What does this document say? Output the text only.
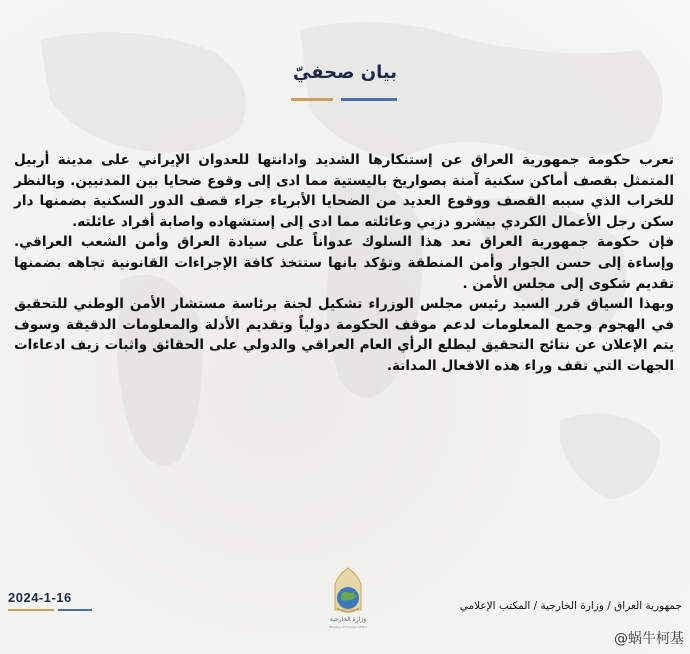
بيان صحفيّ

تعرب حكومة جمهورية العراق عن إستنكارها الشديد وادانتها للعدوان الإيراني على مدينة أربيل المتمثل بقصف أماكن سكنية آمنة بصواريخ باليستية مما ادى إلى وقوع ضحايا بين المدنيين. وبالنظر للخراب الذي سببه القصف ووقوع العديد من الضحايا الأبرياء جراء قصف الدور السكنية بضمنها دار سكن رجل الأعمال الكردي بيشرو دزيي وعائلته مما ادى إلى إستشهاده واصابة أفراد عائلته.

فإن حكومة جمهورية العراق تعد هذا السلوك عدواناً على سيادة العراق وأمن الشعب العراقي. وإساءة إلى حسن الجوار وأمن المنطقة وتؤكد بانها ستتخذ كافة الإجراءات القانونية تجاهه بضمنها تقديم شكوى إلى مجلس الأمن .

وبهذا السياق قرر السيد رئيس مجلس الوزراء تشكيل لجنة برئاسة مستشار الأمن الوطني للتحقيق في الهجوم وجمع المعلومات لدعم موقف الحكومة دولياً وتقديم الأدلة والمعلومات الدقيقة وسوف يتم الإعلان عن نتائج التحقيق ليطلع الرأي العام العراقي والدولي على الحقائق واثبات زيف ادعاءات الجهات التي تقف وراء هذه الافعال المدانة.

2024-1-16
وزارة الخارجية
Ministry of Foreign Affairs
جمهورية العراق / وزارة الخارجية / المكتب الإعلامي
@蜗牛柯基
